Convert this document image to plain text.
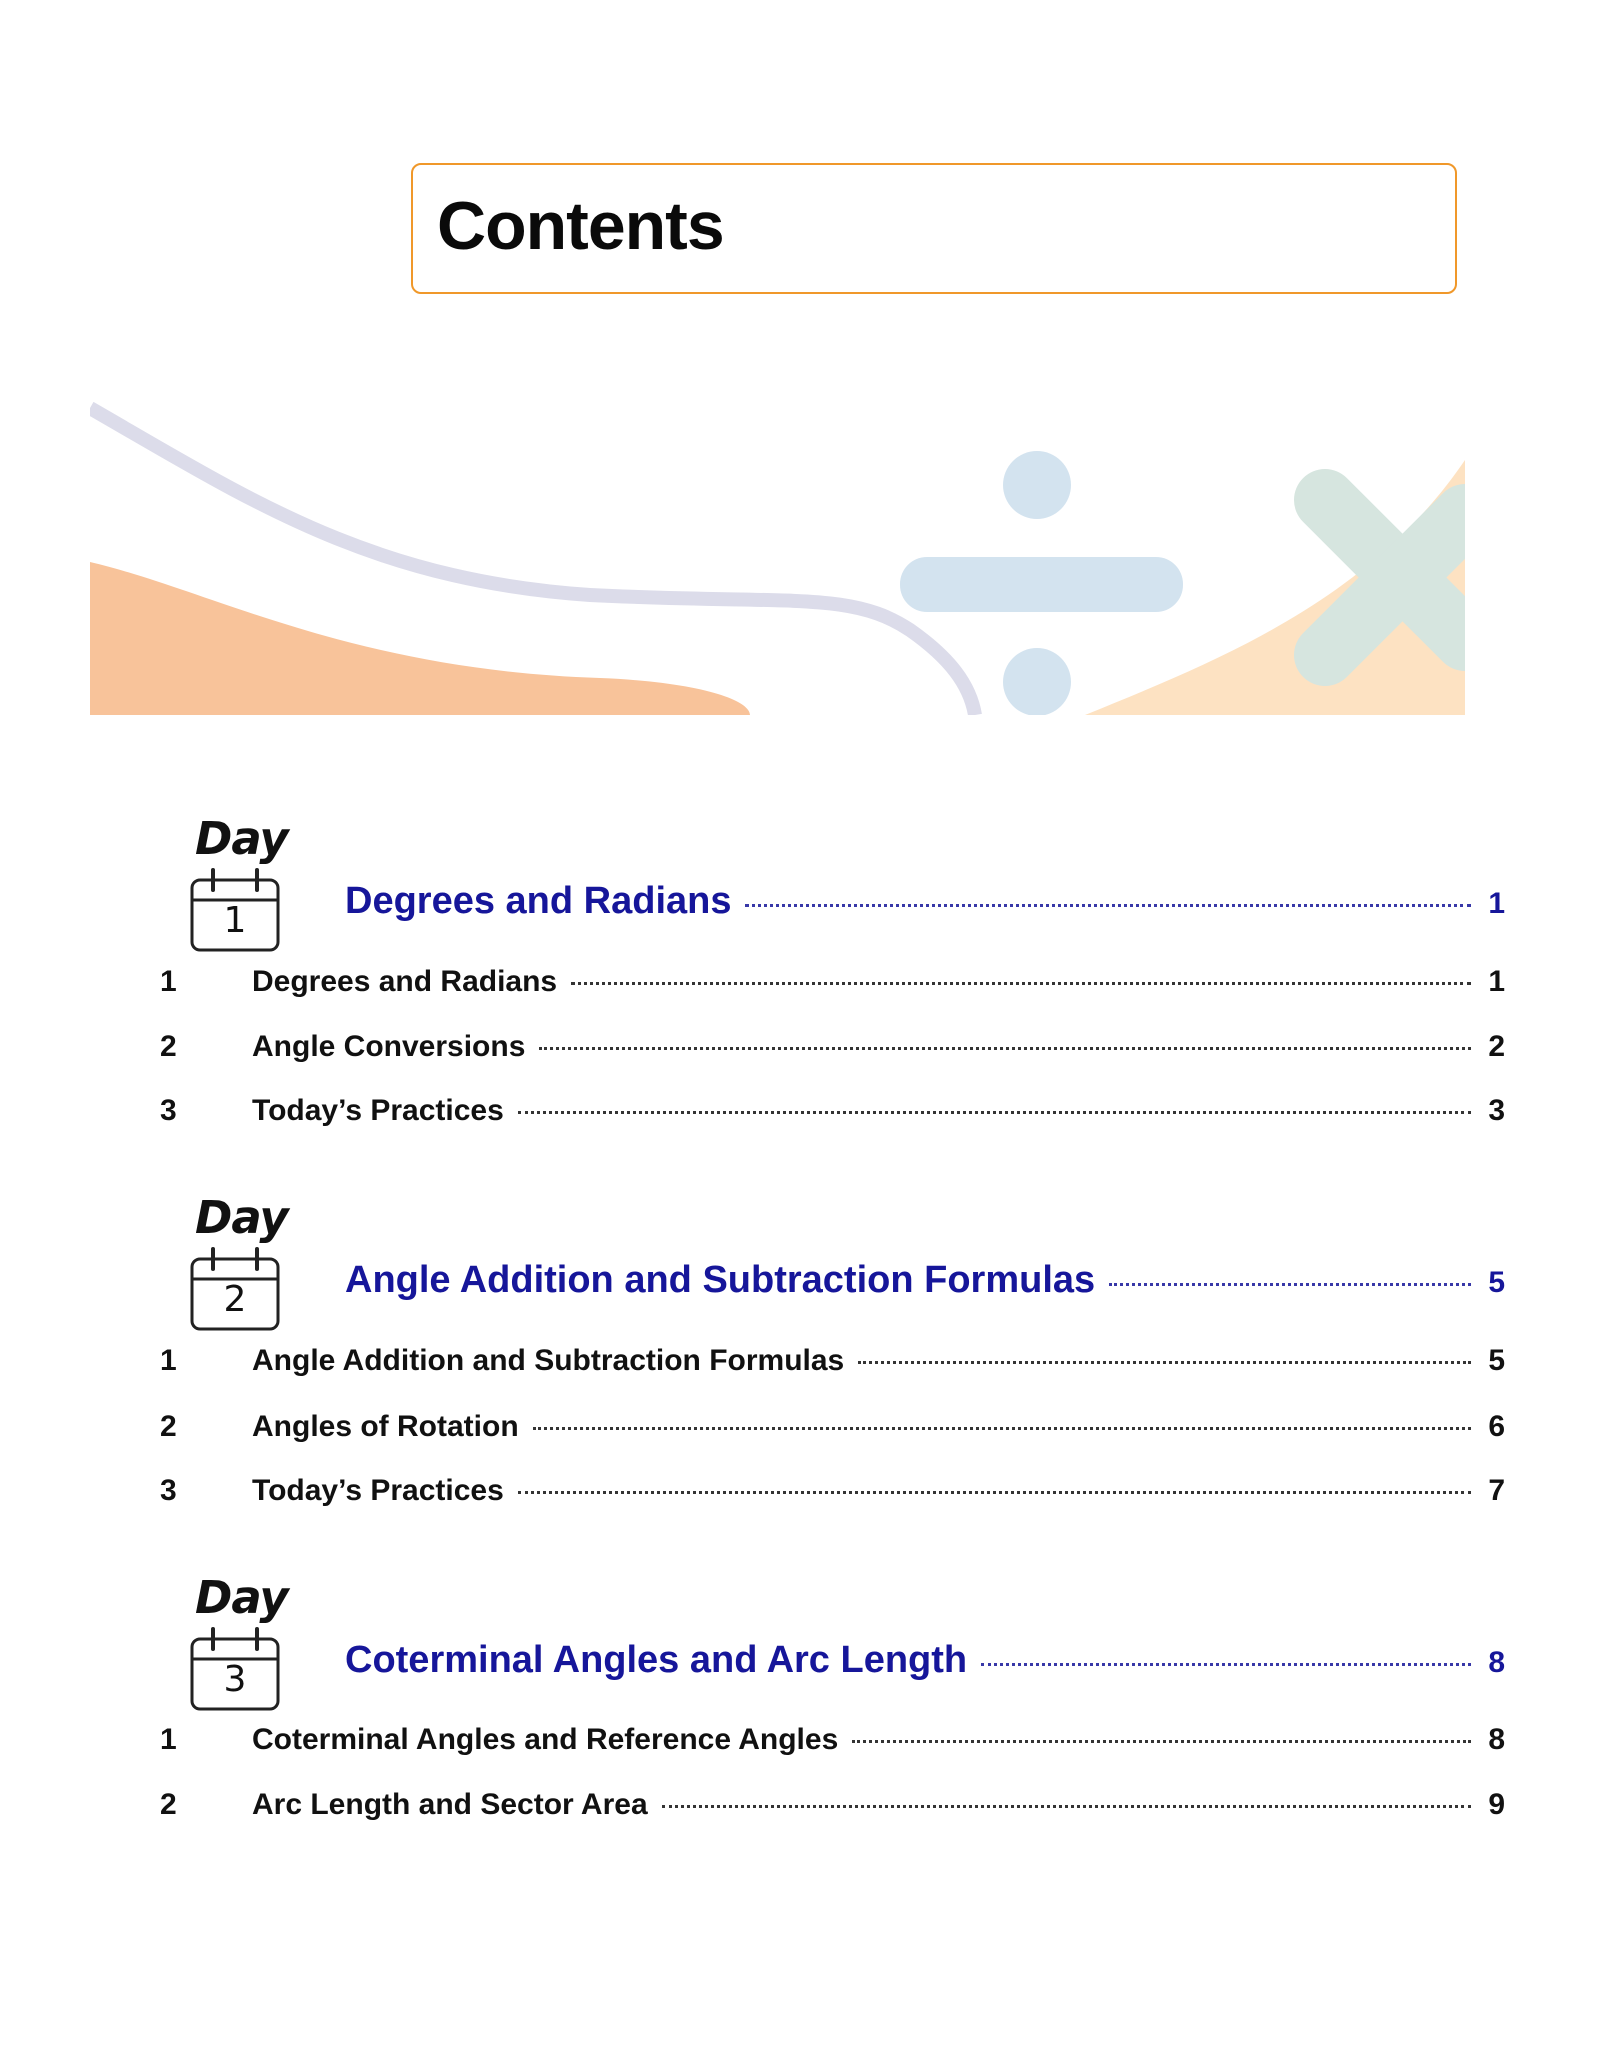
Contents
Day
1	Degrees and Radians	1
1	Degrees and Radians	1
2	Angle Conversions	2
3	Today’s Practices	3
Day
2	Angle Addition and Subtraction Formulas	5
1	Angle Addition and Subtraction Formulas	5
2	Angles of Rotation	6
3	Today’s Practices	7
Day
3	Coterminal Angles and Arc Length	8
1	Coterminal Angles and Reference Angles	8
2	Arc Length and Sector Area	9
